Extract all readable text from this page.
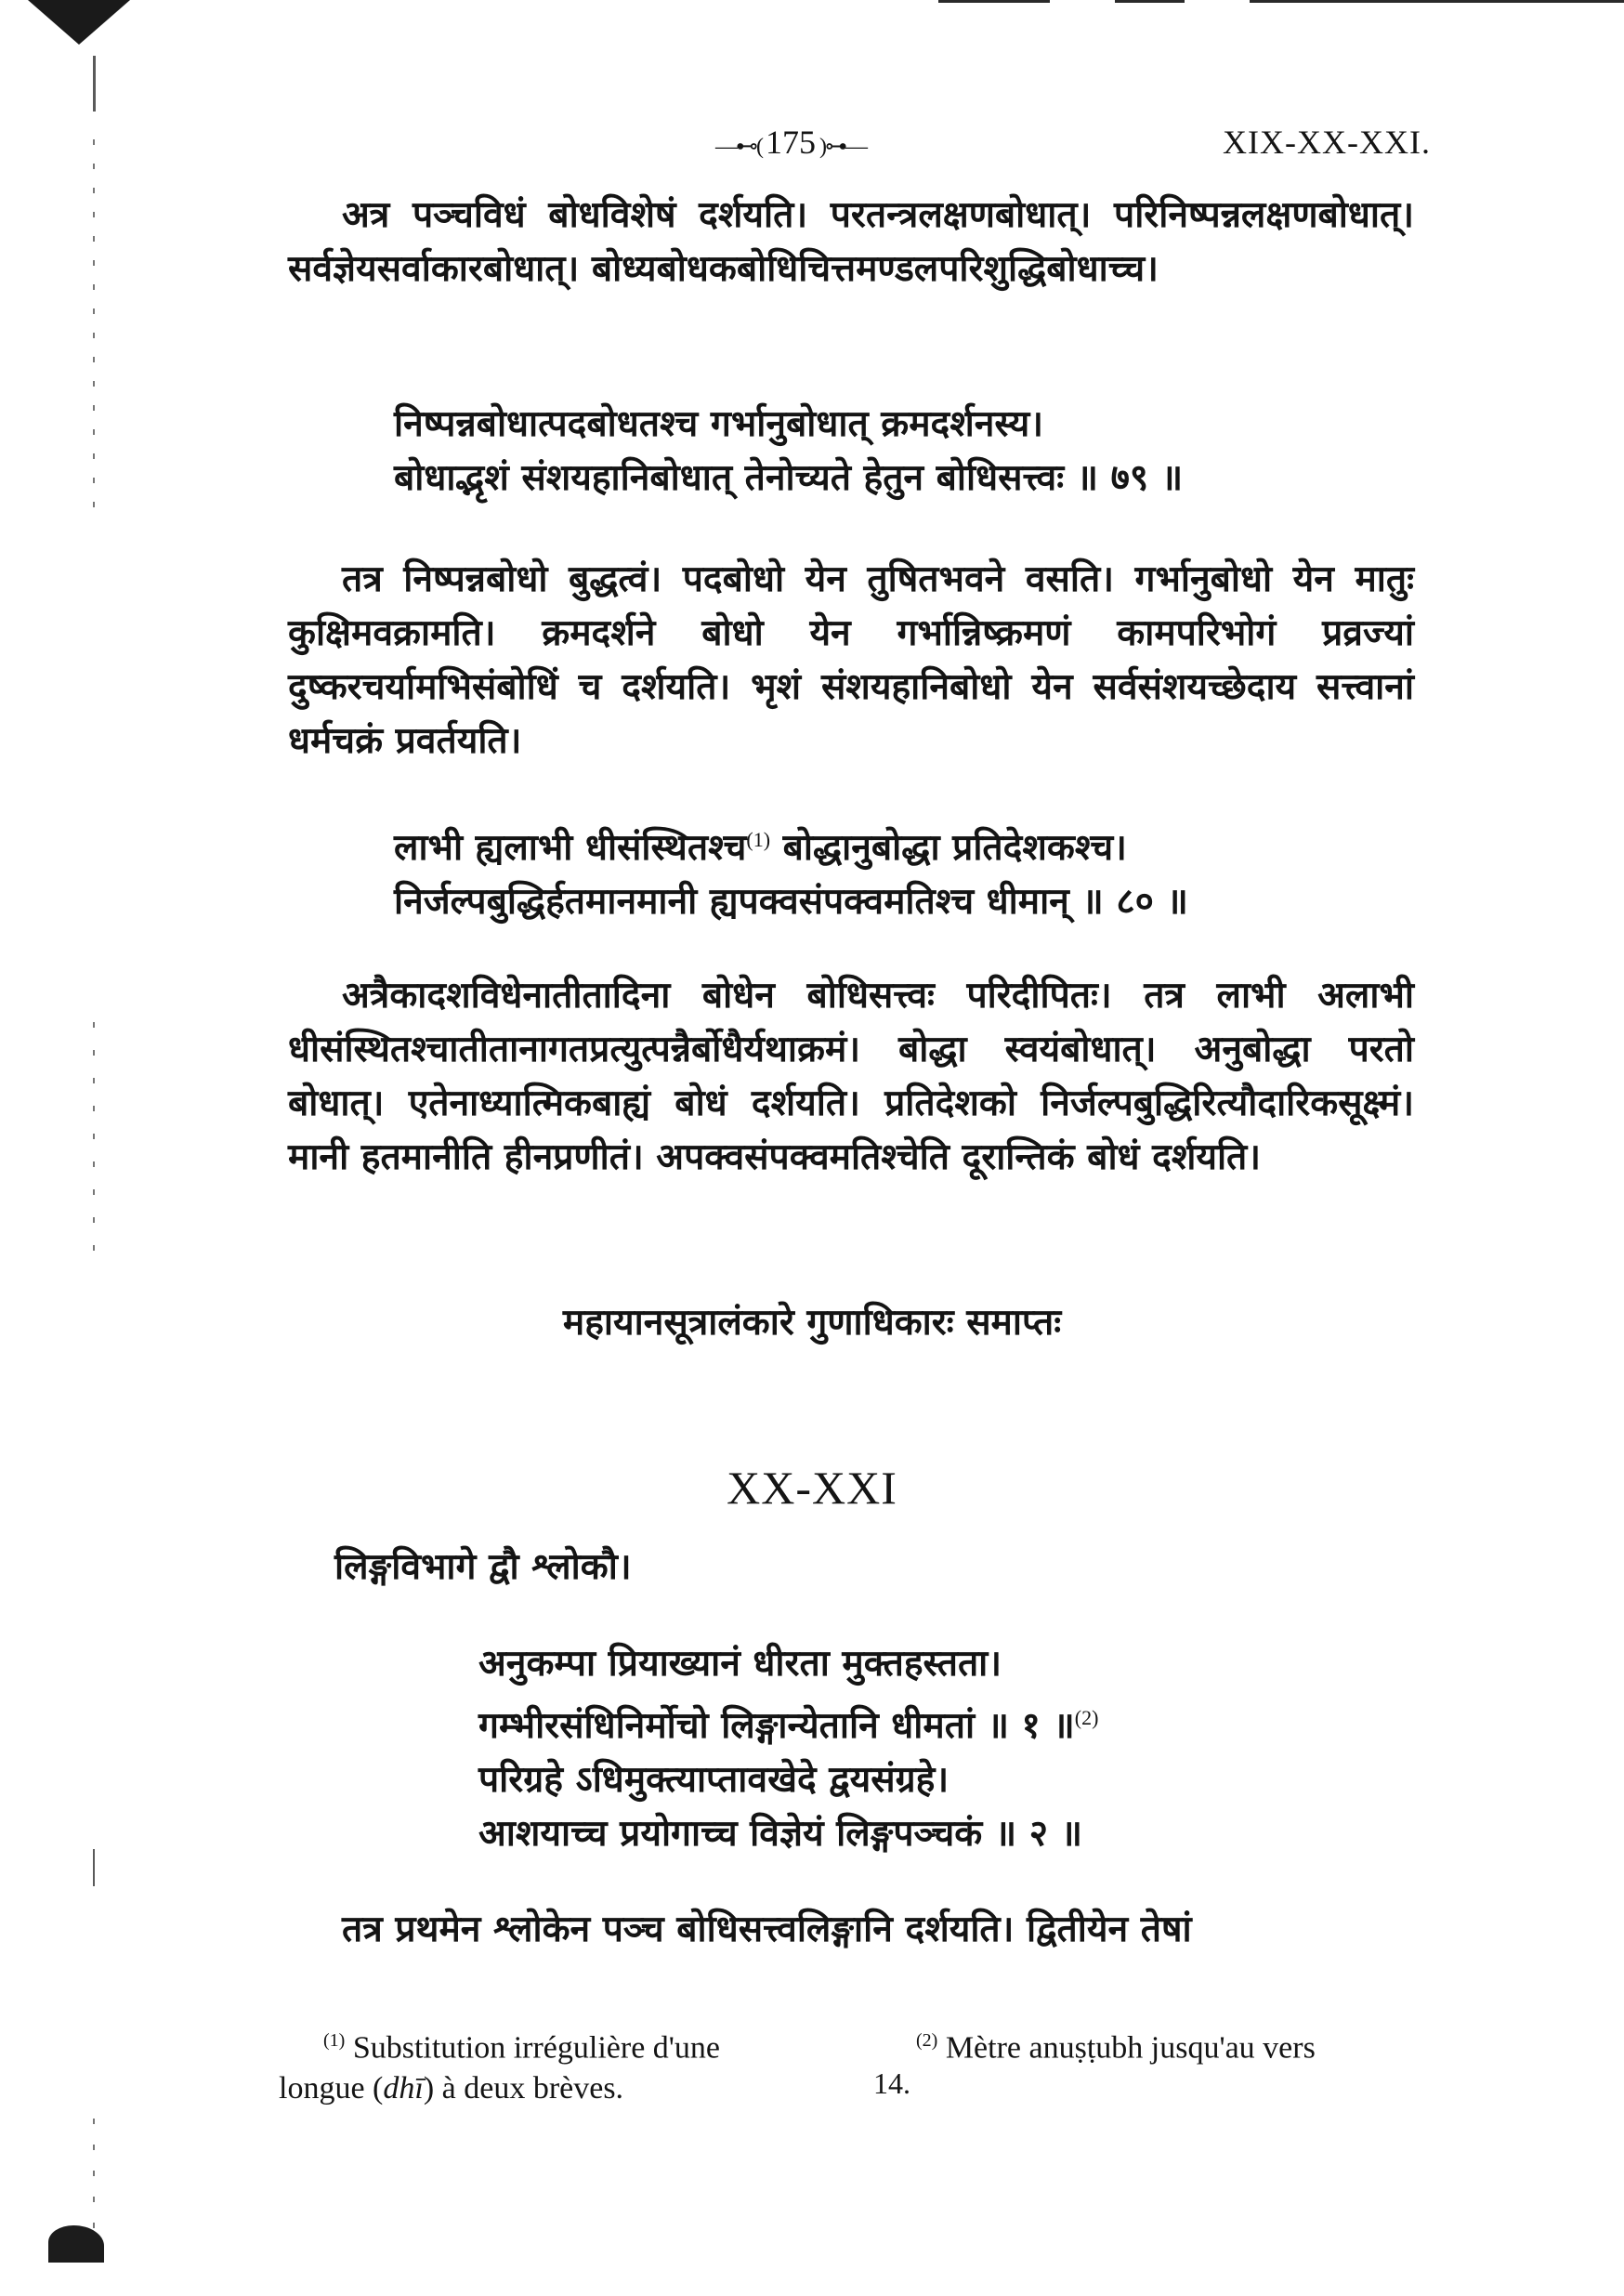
—⊷( 175 )⊶—	XIX-XX-XXI.

अत्र पञ्चविधं बोधविशेषं दर्शयति। परतन्त्रलक्षणबोधात्। परिनिष्पन्नलक्षणबोधात्। सर्वज्ञेयसर्वाकारबोधात्। बोध्यबोधकबोधिचित्तमण्डलपरिशुद्धिबोधाच्च।

निष्पन्नबोधात्पदबोधतश्च गर्भानुबोधात् क्रमदर्शनस्य।
बोधाद्भृशं संशयहानिबोधात् तेनोच्यते हेतुन बोधिसत्त्वः ॥ ७९ ॥

तत्र निष्पन्नबोधो बुद्धत्वं। पदबोधो येन तुषितभवने वसति। गर्भानुबोधो येन मातुः कुक्षिमवक्रामति। क्रमदर्शने बोधो येन गर्भान्निष्क्रमणं कामपरिभोगं प्रव्रज्यां दुष्करचर्यामभिसंबोधिं च दर्शयति। भृशं संशयहानिबोधो येन सर्वसंशयच्छेदाय सत्त्वानां धर्मचक्रं प्रवर्तयति।

लाभी ह्यलाभी धीसंस्थितश्च$^{(1)}$ बोद्धानुबोद्धा प्रतिदेशकश्च।
निर्जल्पबुद्धिर्हतमानमानी ह्यपक्वसंपक्वमतिश्च धीमान् ॥ ८० ॥

अत्रैकादशविधेनातीतादिना बोधेन बोधिसत्त्वः परिदीपितः। तत्र लाभी अलाभी धीसंस्थितश्चातीतानागतप्रत्युत्पन्नैर्बोधैर्यथाक्रमं। बोद्धा स्वयंबोधात्। अनुबोद्धा परतो बोधात्। एतेनाध्यात्मिकबाह्यं बोधं दर्शयति। प्रतिदेशको निर्जल्पबुद्धिरित्यौदारिकसूक्ष्मं। मानी हतमानीति हीनप्रणीतं। अपक्वसंपक्वमतिश्चेति दूरान्तिकं बोधं दर्शयति।

महायानसूत्रालंकारे गुणाधिकारः समाप्तः
XX-XXI

लिङ्गविभागे द्वौ श्लोकौ।

अनुकम्पा प्रियाख्यानं धीरता मुक्तहस्तता।
गम्भीरसंधिनिर्मोचो लिङ्गान्येतानि धीमतां ॥ १ ॥$^{(2)}$
परिग्रहे ऽधिमुक्त्याप्तावखेदे द्वयसंग्रहे।
आशयाच्च प्रयोगाच्च विज्ञेयं लिङ्गपञ्चकं ॥ २ ॥

तत्र प्रथमेन श्लोकेन पञ्च बोधिसत्त्वलिङ्गानि दर्शयति। द्वितीयेन तेषां

$^{(1)}$ Substitution irrégulière d'une
longue (dhī) à deux brèves.
$^{(2)}$ Mètre anuṣṭubh jusqu'au vers
14.
